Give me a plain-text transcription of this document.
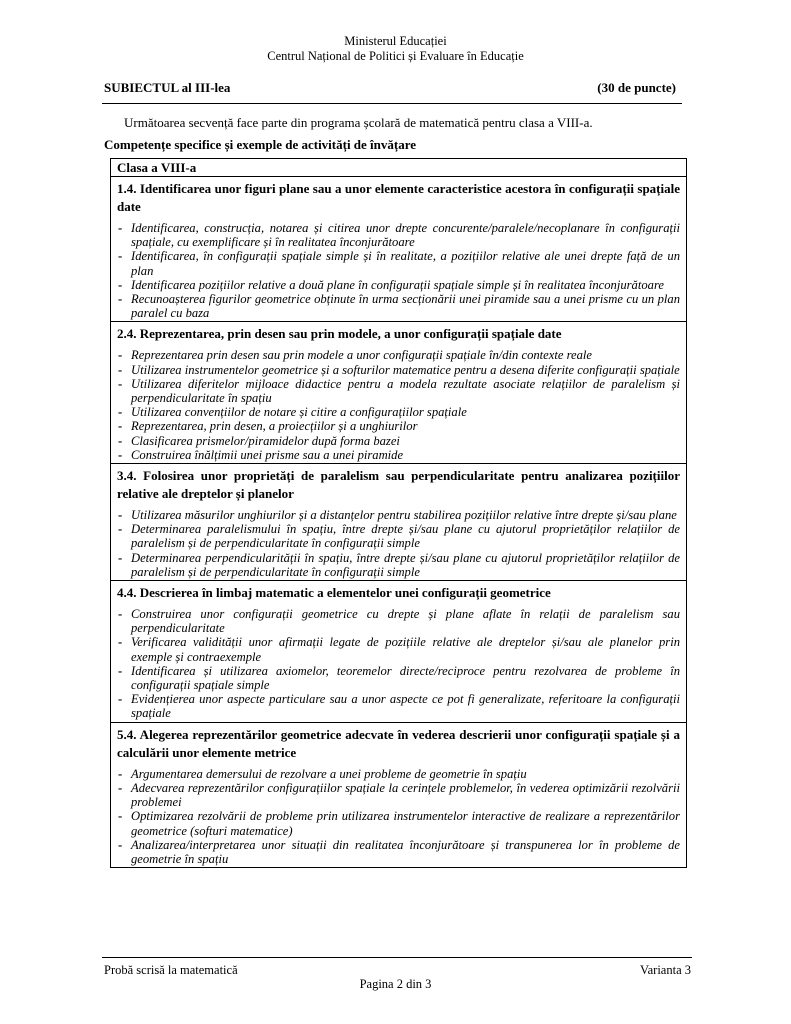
Ministerul Educației
Centrul Național de Politici și Evaluare în Educație
SUBIECTUL al III-lea	(30 de puncte)
Următoarea secvență face parte din programa școlară de matematică pentru clasa a VIII-a.
Competențe specifice și exemple de activități de învățare
Clasa a VIII-a
1.4. Identificarea unor figuri plane sau a unor elemente caracteristice acestora în configurații spațiale date
- Identificarea, construcția, notarea și citirea unor drepte concurente/paralele/necoplanare în configurații spațiale, cu exemplificare și în realitatea înconjurătoare
- Identificarea, în configurații spațiale simple și în realitate, a pozițiilor relative ale unei drepte față de un plan
- Identificarea pozițiilor relative a două plane în configurații spațiale simple și în realitatea înconjurătoare
- Recunoașterea figurilor geometrice obținute în urma secționării unei piramide sau a unei prisme cu un plan paralel cu baza
2.4. Reprezentarea, prin desen sau prin modele, a unor configurații spațiale date
- Reprezentarea prin desen sau prin modele a unor configurații spațiale în/din contexte reale
- Utilizarea instrumentelor geometrice și a softurilor matematice pentru a desena diferite configurații spațiale
- Utilizarea diferitelor mijloace didactice pentru a modela rezultate asociate relațiilor de paralelism și perpendicularitate în spațiu
- Utilizarea convențiilor de notare și citire a configurațiilor spațiale
- Reprezentarea, prin desen, a proiecțiilor și a unghiurilor
- Clasificarea prismelor/piramidelor după forma bazei
- Construirea înălțimii unei prisme sau a unei piramide
3.4. Folosirea unor proprietăți de paralelism sau perpendicularitate pentru analizarea pozițiilor relative ale dreptelor și planelor
- Utilizarea măsurilor unghiurilor și a distanțelor pentru stabilirea pozițiilor relative între drepte și/sau plane
- Determinarea paralelismului în spațiu, între drepte și/sau plane cu ajutorul proprietăților relațiilor de paralelism și de perpendicularitate în configurații simple
- Determinarea perpendicularității în spațiu, între drepte și/sau plane cu ajutorul proprietăților relațiilor de paralelism și de perpendicularitate în configurații simple
4.4. Descrierea în limbaj matematic a elementelor unei configurații geometrice
- Construirea unor configurații geometrice cu drepte și plane aflate în relații de paralelism sau perpendicularitate
- Verificarea validității unor afirmații legate de pozițiile relative ale dreptelor și/sau ale planelor prin exemple și contraexemple
- Identificarea și utilizarea axiomelor, teoremelor directe/reciproce pentru rezolvarea de probleme în configurații spațiale simple
- Evidențierea unor aspecte particulare sau a unor aspecte ce pot fi generalizate, referitoare la configurații spațiale
5.4. Alegerea reprezentărilor geometrice adecvate în vederea descrierii unor configurații spațiale și a calculării unor elemente metrice
- Argumentarea demersului de rezolvare a unei probleme de geometrie în spațiu
- Adecvarea reprezentărilor configurațiilor spațiale la cerințele problemelor, în vederea optimizării rezolvării problemei
- Optimizarea rezolvării de probleme prin utilizarea instrumentelor interactive de realizare a reprezentărilor geometrice (softuri matematice)
- Analizarea/interpretarea unor situații din realitatea înconjurătoare și transpunerea lor în probleme de geometrie în spațiu
Probă scrisă la matematică	Varianta 3
Pagina 2 din 3
